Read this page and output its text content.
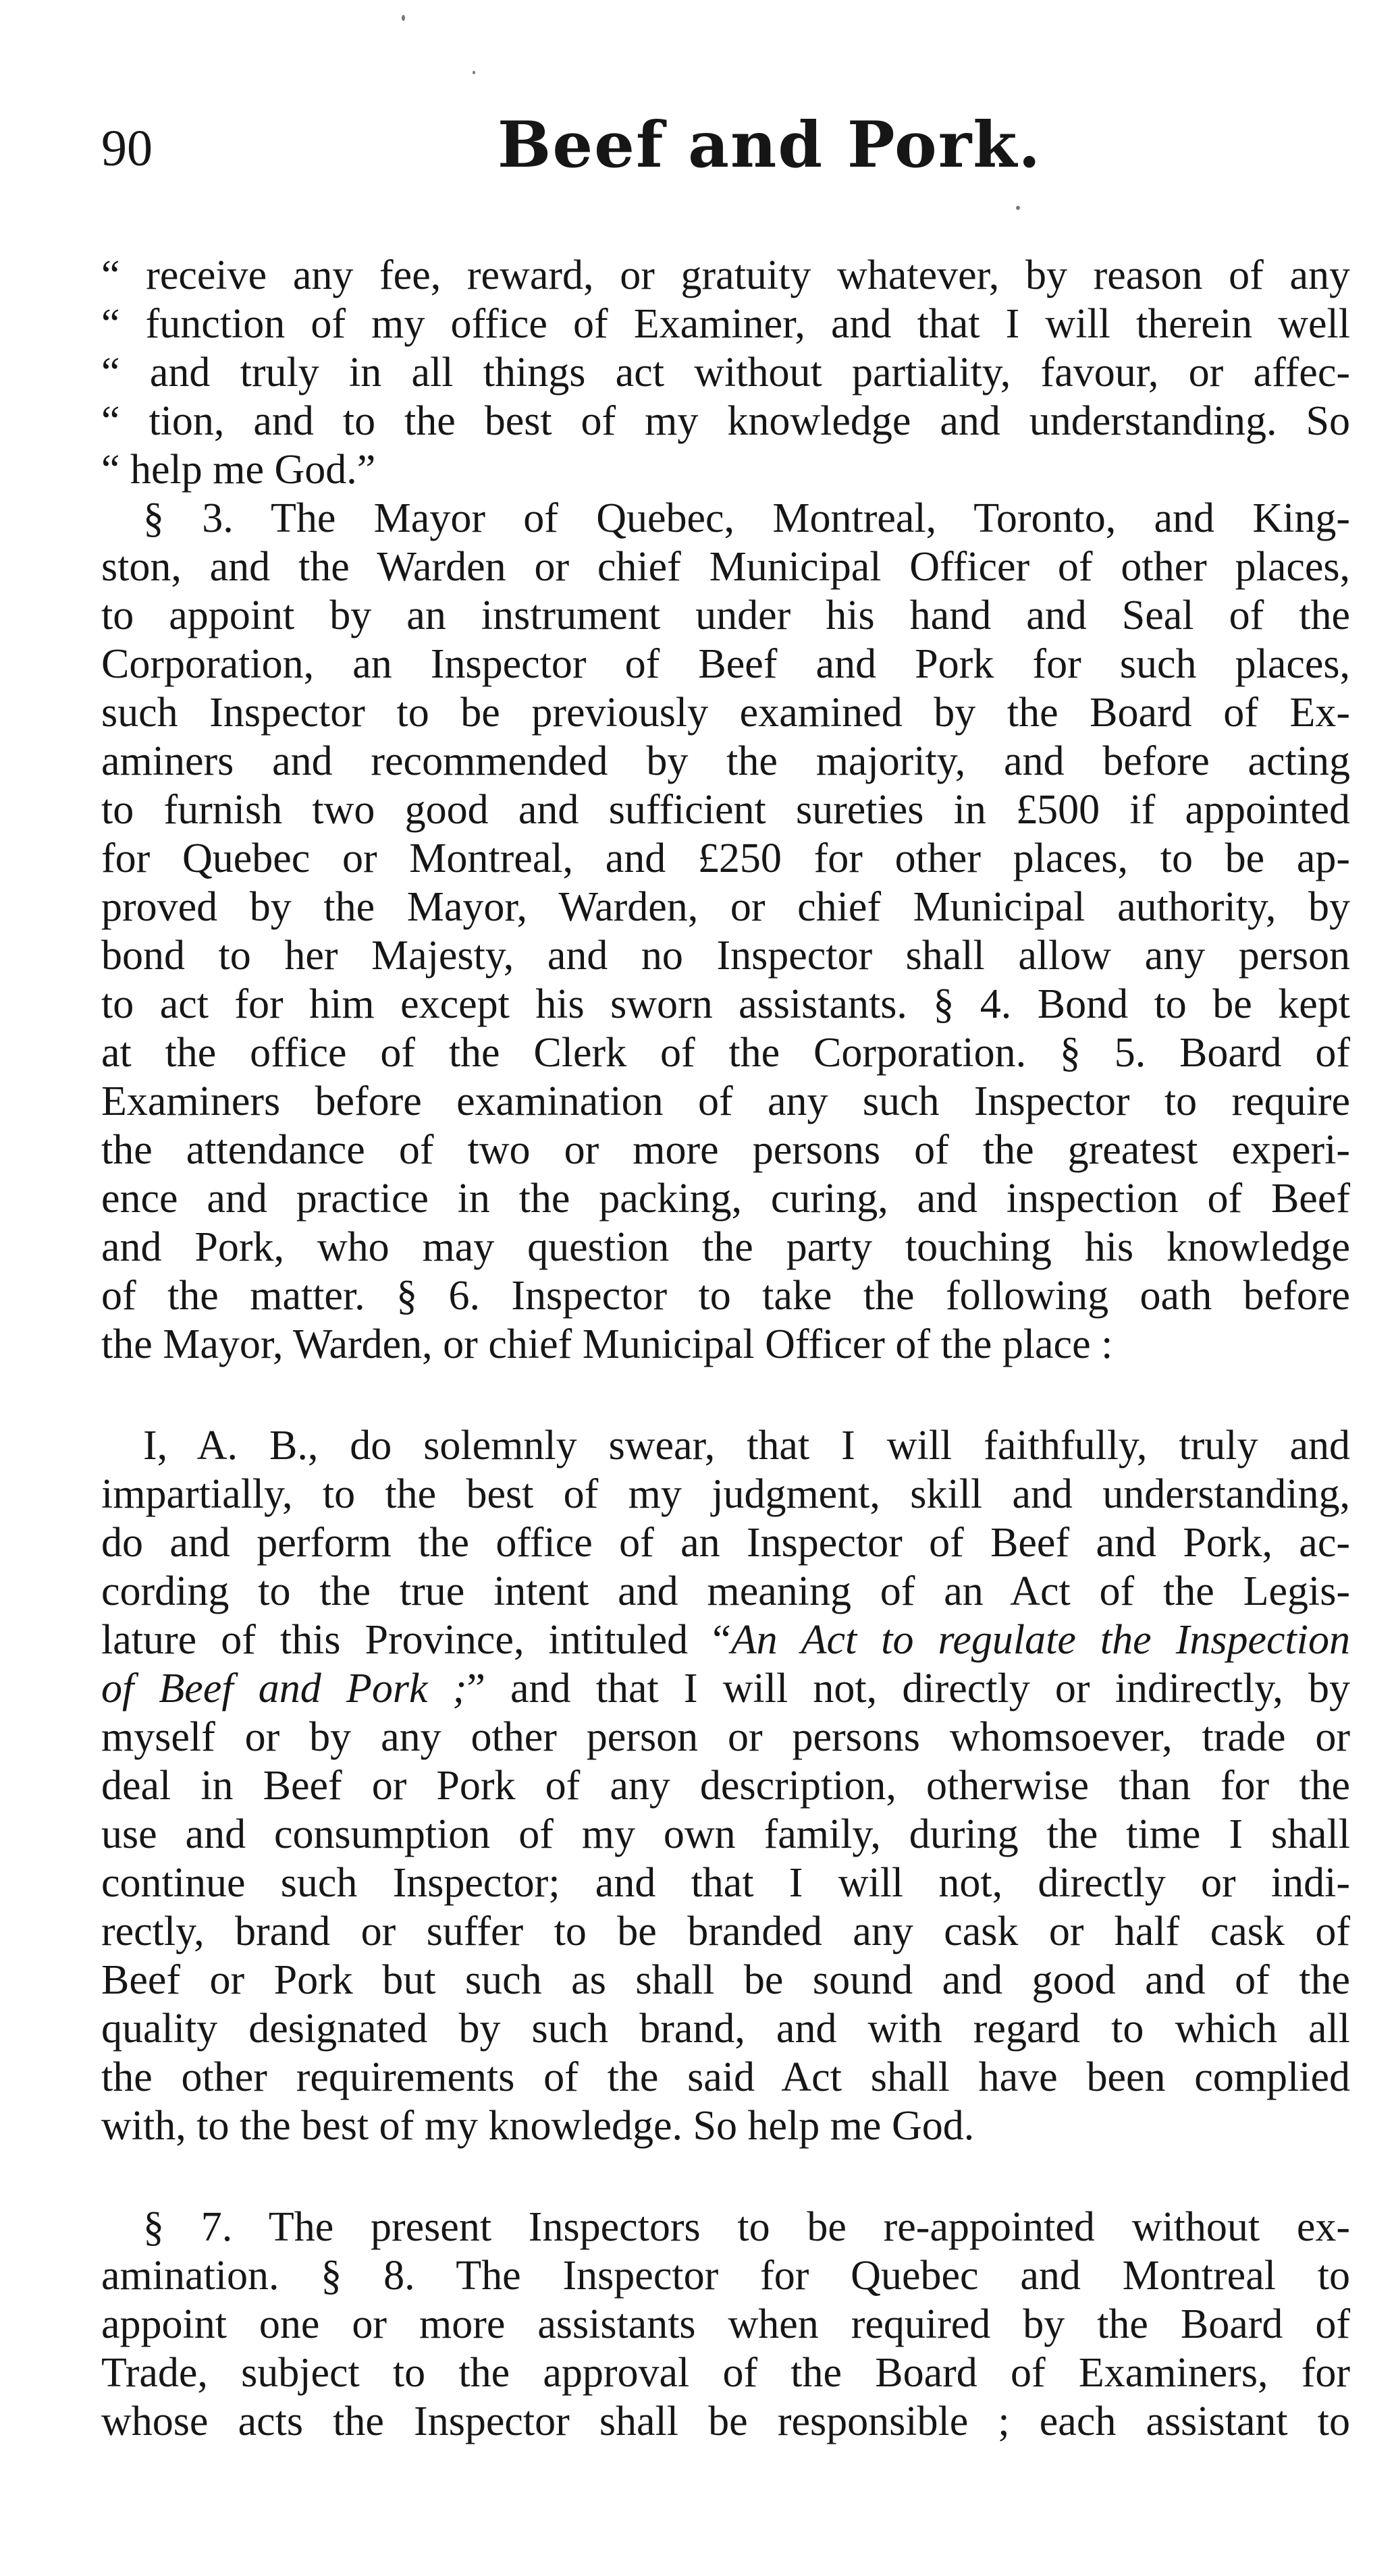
90	Beef and Pork.
“ receive any fee, reward, or gratuity whatever, by reason of any
“ function of my office of Examiner, and that I will therein well
“ and truly in all things act without partiality, favour, or affec-
“ tion, and to the best of my knowledge and understanding. So
“ help me God.”
§ 3. The Mayor of Quebec, Montreal, Toronto, and King-
ston, and the Warden or chief Municipal Officer of other places,
to appoint by an instrument under his hand and Seal of the
Corporation, an Inspector of Beef and Pork for such places,
such Inspector to be previously examined by the Board of Ex-
aminers and recommended by the majority, and before acting
to furnish two good and sufficient sureties in £500 if appointed
for Quebec or Montreal, and £250 for other places, to be ap-
proved by the Mayor, Warden, or chief Municipal authority, by
bond to her Majesty, and no Inspector shall allow any person
to act for him except his sworn assistants. § 4. Bond to be kept
at the office of the Clerk of the Corporation. § 5. Board of
Examiners before examination of any such Inspector to require
the attendance of two or more persons of the greatest experi-
ence and practice in the packing, curing, and inspection of Beef
and Pork, who may question the party touching his knowledge
of the matter. § 6. Inspector to take the following oath before
the Mayor, Warden, or chief Municipal Officer of the place :
I, A. B., do solemnly swear, that I will faithfully, truly and
impartially, to the best of my judgment, skill and understanding,
do and perform the office of an Inspector of Beef and Pork, ac-
cording to the true intent and meaning of an Act of the Legis-
lature of this Province, intituled “An Act to regulate the Inspection
of Beef and Pork ;” and that I will not, directly or indirectly, by
myself or by any other person or persons whomsoever, trade or
deal in Beef or Pork of any description, otherwise than for the
use and consumption of my own family, during the time I shall
continue such Inspector; and that I will not, directly or indi-
rectly, brand or suffer to be branded any cask or half cask of
Beef or Pork but such as shall be sound and good and of the
quality designated by such brand, and with regard to which all
the other requirements of the said Act shall have been complied
with, to the best of my knowledge. So help me God.
§ 7. The present Inspectors to be re-appointed without ex-
amination. § 8. The Inspector for Quebec and Montreal to
appoint one or more assistants when required by the Board of
Trade, subject to the approval of the Board of Examiners, for
whose acts the Inspector shall be responsible ; each assistant to
